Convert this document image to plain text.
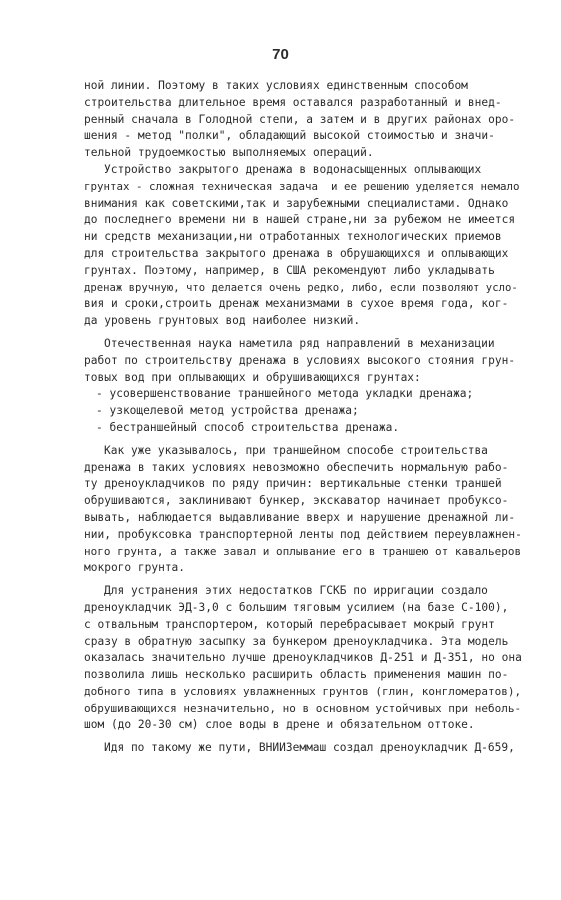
70
ной линии. Поэтому в таких условиях единственным способом
строительства длительное время оставался разработанный и внед-
ренный сначала в Голодной степи, а затем и в других районах оро-
шения - метод "полки", обладающий высокой стоимостью и значи-
тельной трудоемкостью выполняемых операций.
Устройство закрытого дренажа в водонасыщенных оплывающих
грунтах - сложная техническая задача  и ее решению уделяется немало
внимания как советскими,так и зарубежными специалистами. Однако
до последнего времени ни в нашей стране,ни за рубежом не имеется
ни средств механизации,ни отработанных технологических приемов
для строительства закрытого дренажа в обрушающихся и оплывающих
грунтах. Поэтому, например, в США рекомендуют либо укладывать
дренаж вручную, что делается очень редко, либо, если позволяют усло-
вия и сроки,строить дренаж механизмами в сухое время года, ког-
да уровень грунтовых вод наиболее низкий.
Отечественная наука наметила ряд направлений в механизации
работ по строительству дренажа в условиях высокого стояния грун-
товых вод при оплывающих и обрушивающихся грунтах:
- усовершенствование траншейного метода укладки дренажа;
- узкощелевой метод устройства дренажа;
- бестраншейный способ строительства дренажа.
Как уже указывалось, при траншейном способе строительства
дренажа в таких условиях невозможно обеспечить нормальную рабо-
ту дреноукладчиков по ряду причин: вертикальные стенки траншей
обрушиваются, заклинивают бункер, экскаватор начинает пробуксо-
вывать, наблюдается выдавливание вверх и нарушение дренажной ли-
нии, пробуксовка транспортерной ленты под действием переувлажнен-
ного грунта, а также завал и оплывание его в траншею от кавальеров
мокрого грунта.
Для устранения этих недостатков ГСКБ по ирригации создало
дреноукладчик ЭД-3,0 с большим тяговым усилием (на базе С-100),
с отвальным транспортером, который перебрасывает мокрый грунт
сразу в обратную засыпку за бункером дреноукладчика. Эта модель
оказалась значительно лучше дреноукладчиков Д-251 и Д-351, но она
позволила лишь несколько расширить область применения машин по-
добного типа в условиях увлажненных грунтов (глин, конгломератов),
обрушивающихся незначительно, но в основном устойчивых при неболь-
шом (до 20-30 см) слое воды в дрене и обязательном оттоке.
Идя по такому же пути, ВНИИЗеммаш создал дреноукладчик Д-659,
